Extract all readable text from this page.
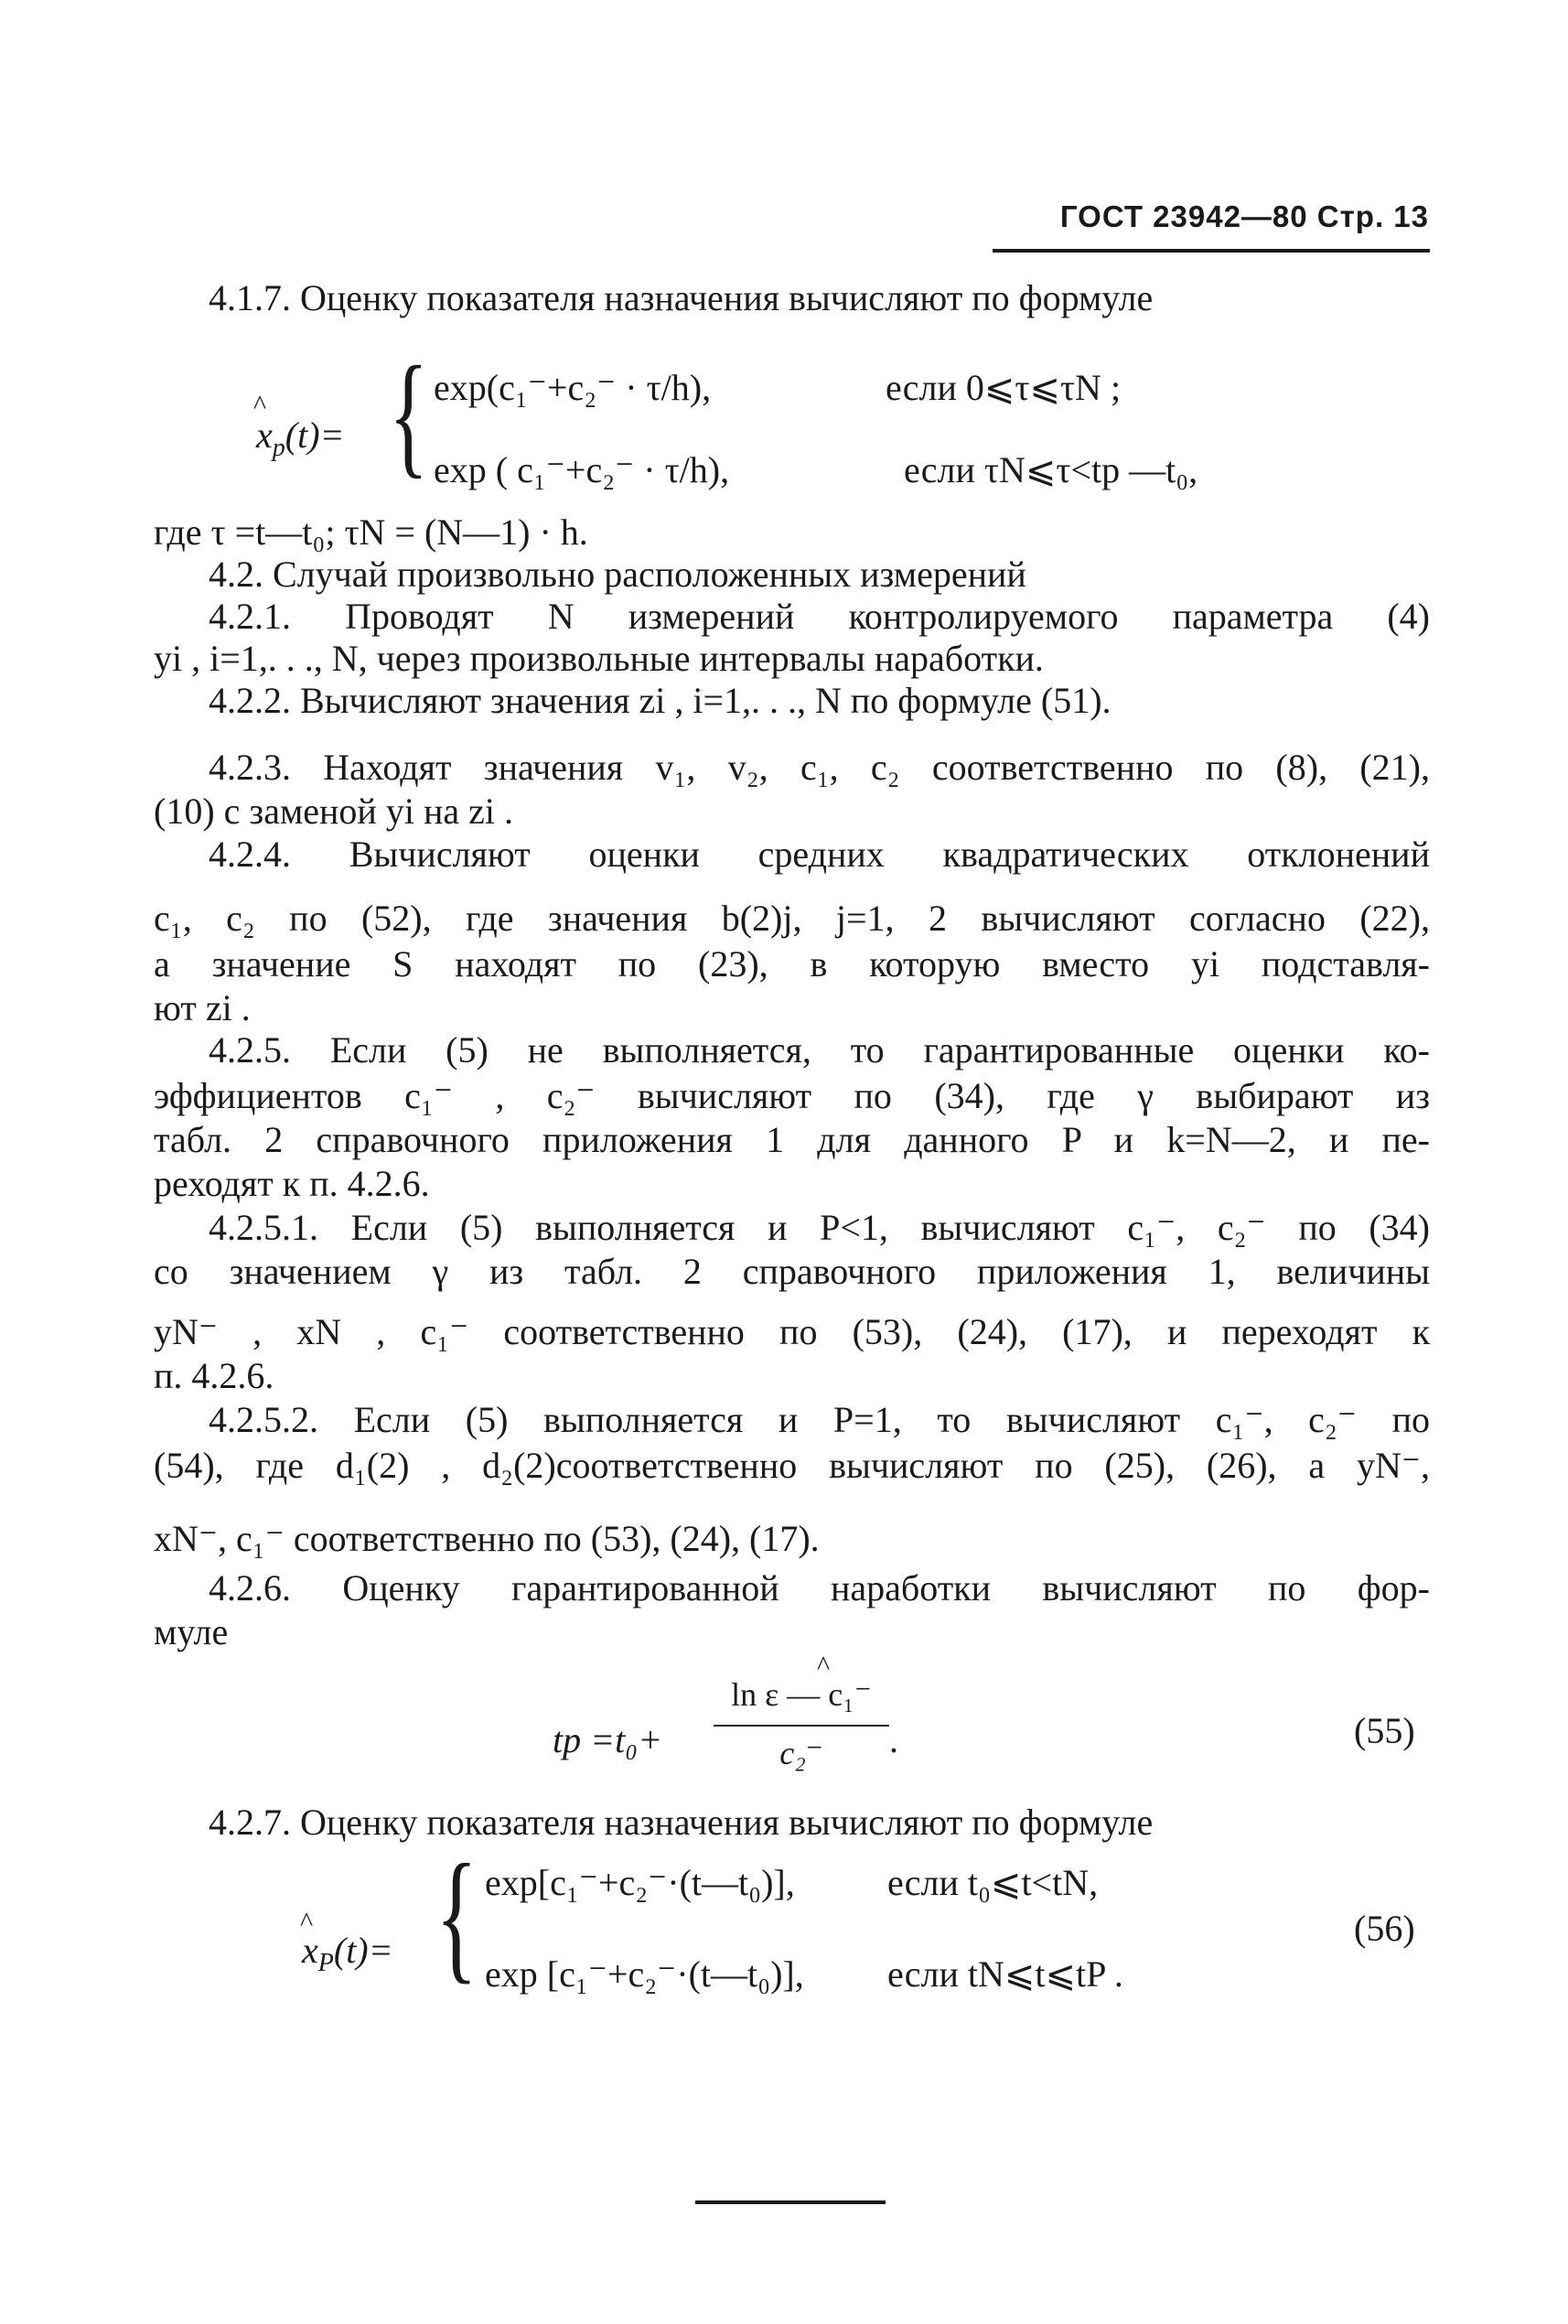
ГОСТ 23942—80 Стр. 13
4.1.7. Оценку показателя назначения вычисляют по формуле
^
$x_p(t)=$ { exp(c₁⁻+c₂⁻ · τ/h),	если 0⩽τ⩽τN ;
exp ( c₁⁻+c₂⁻ · τ/h),	если τN⩽τ<tp —t₀,
где τ =t—t₀; τN = (N—1) · h.
4.2. Случай произвольно расположенных измерений
4.2.1. Проводят N измерений контролируемого параметра (4)
yi , i=1,. . ., N, через произвольные интервалы наработки.
4.2.2. Вычисляют значения zi , i=1,. . ., N по формуле (51).
4.2.3. Находят значения v₁, v₂, c₁, c₂ соответственно по (8), (21),
(10) с заменой yi на zi .
4.2.4. Вычисляют оценки средних квадратических отклонений
c₁, c₂ по (52), где значения b(2)j, j=1, 2 вычисляют согласно (22),
а значение S находят по (23), в которую вместо yi подставля-
ют zi .
4.2.5. Если (5) не выполняется, то гарантированные оценки ко-
эффициентов c₁⁻ , c₂⁻ вычисляют по (34), где γ выбирают из
табл. 2 справочного приложения 1 для данного P и k=N—2, и пе-
реходят к п. 4.2.6.
4.2.5.1. Если (5) выполняется и P<1, вычисляют c₁⁻, c₂⁻ по (34)
со значением γ из табл. 2 справочного приложения 1, величины
yN⁻ , xN , c₁⁻ соответственно по (53), (24), (17), и переходят к
п. 4.2.6.
4.2.5.2. Если (5) выполняется и P=1, то вычисляют c₁⁻, c₂⁻ по
(54), где d₁(2) , d₂(2)соответственно вычисляют по (25), (26), а yN⁻,
xN⁻, c₁⁻ соответственно по (53), (24), (17).
4.2.6. Оценку гарантированной наработки вычисляют по фор-
муле
tp =t₀+
^
ln ε — c₁⁻
c₂⁻	.	(55)
4.2.7. Оценку показателя назначения вычисляют по формуле
^
$x_P(t)=$ { exp[c₁⁻+c₂⁻·(t—t₀)],	если t₀⩽t<tN,
exp [c₁⁻+c₂⁻·(t—t₀)], если tN⩽t⩽tP .
(56)
